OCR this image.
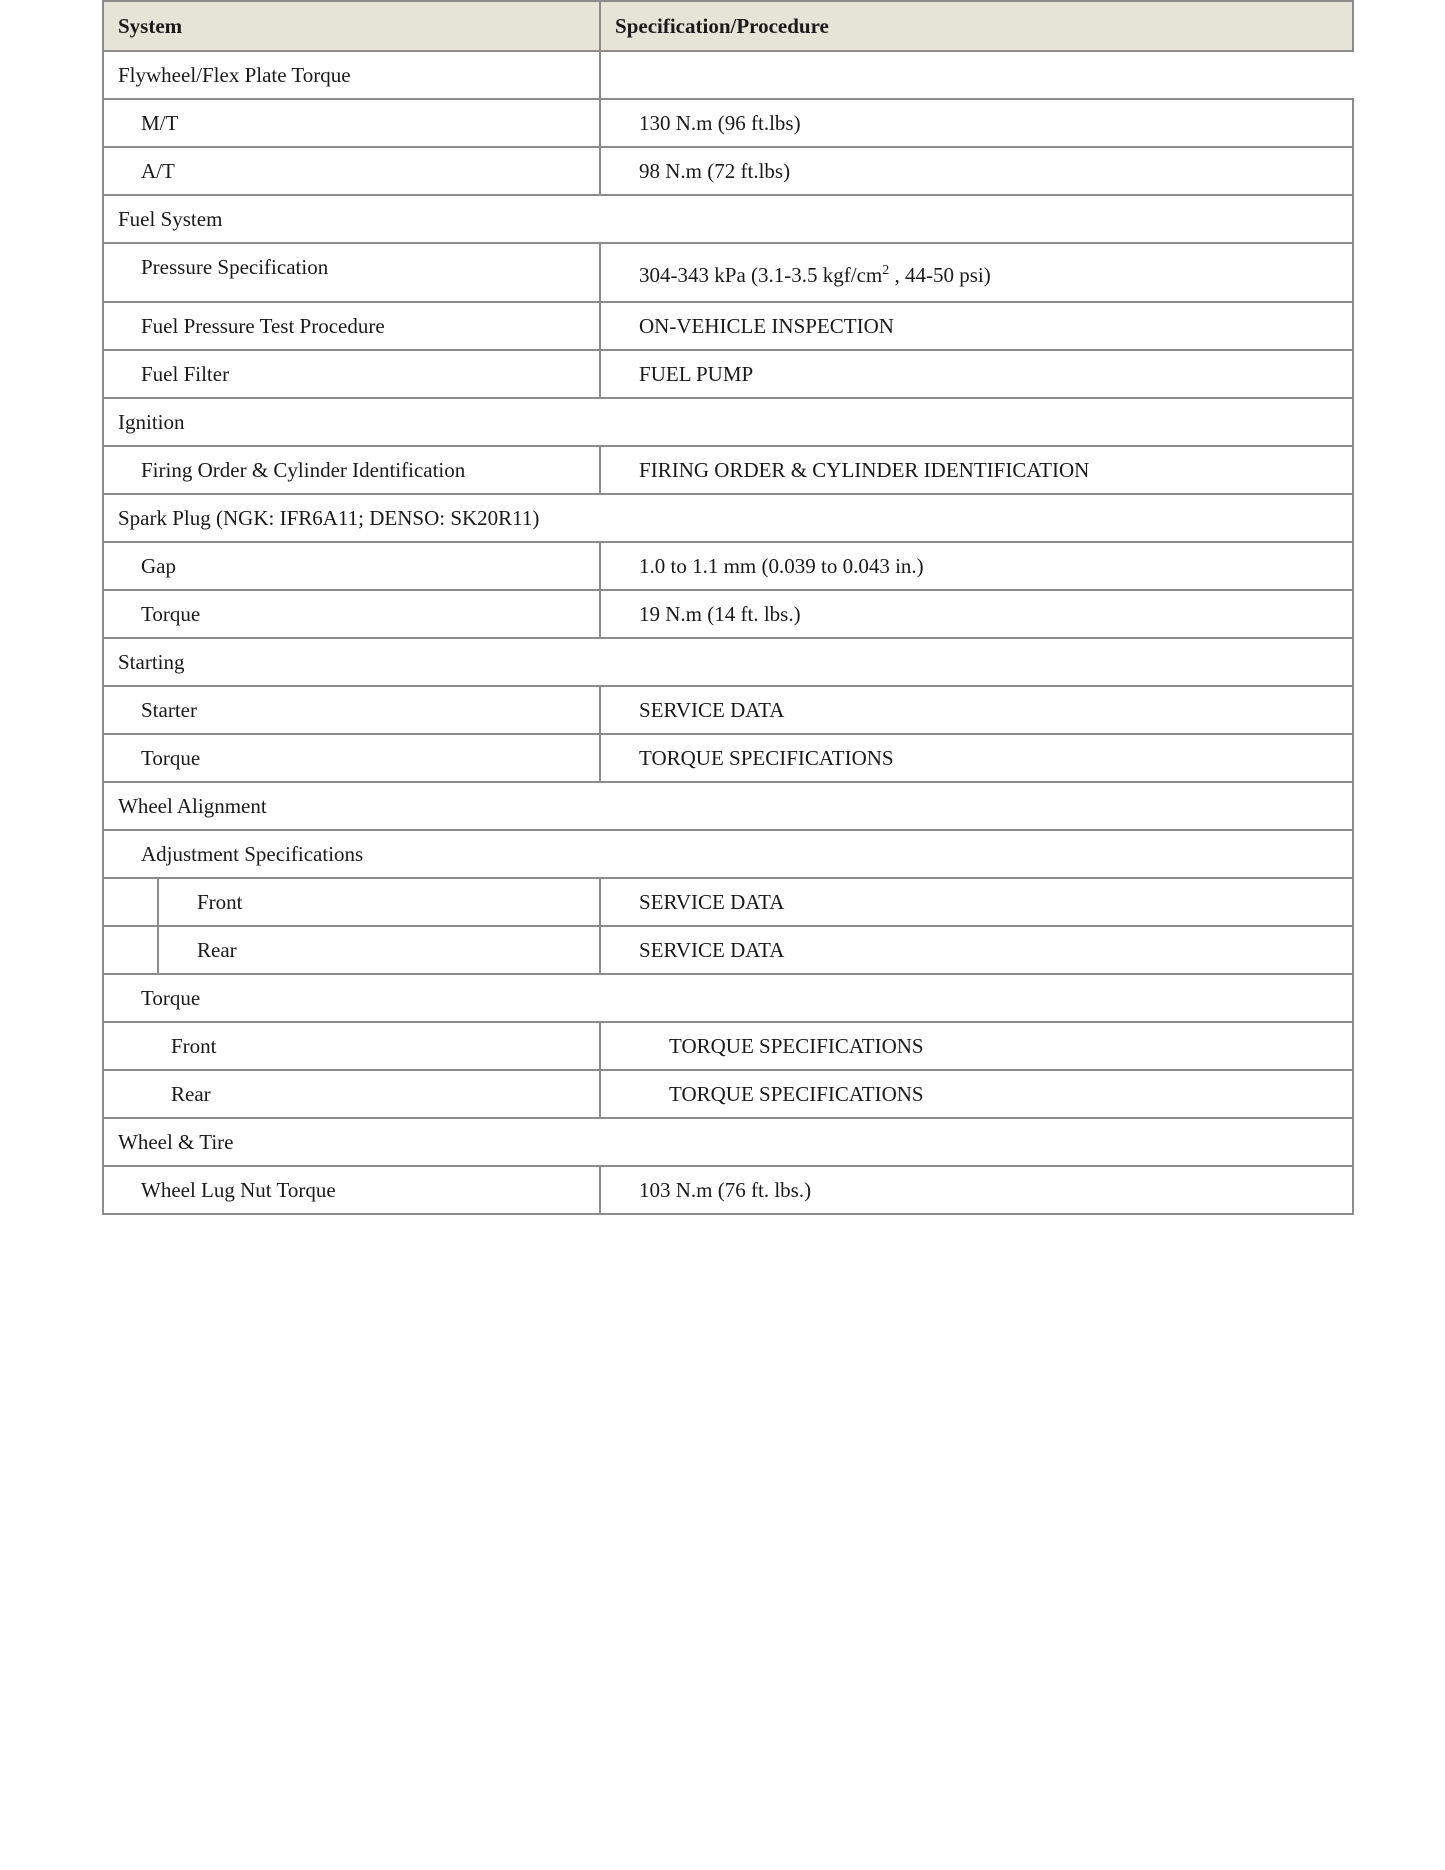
System		Specification/Procedure
Flywheel/Flex Plate Torque		
M/T		130 N.m (96 ft.lbs)
A/T		98 N.m (72 ft.lbs)
Fuel System		
Pressure Specification		304-343 kPa (3.1-3.5 kgf/$cm^2$ , 44-50 psi)
Fuel Pressure Test Procedure		ON-VEHICLE INSPECTION
Fuel Filter		FUEL PUMP
Ignition		
Firing Order & Cylinder Identification		FIRING ORDER & CYLINDER IDENTIFICATION
Spark Plug (NGK: IFR6A11; DENSO: SK20R11)		
Gap		1.0 to 1.1 mm (0.039 to 0.043 in.)
Torque		19 N.m (14 ft. lbs.)
Starting		
Starter		SERVICE DATA
Torque		TORQUE SPECIFICATIONS
Wheel Alignment		
Adjustment Specifications		
	Front	SERVICE DATA
	Rear	SERVICE DATA
Torque		
Front		TORQUE SPECIFICATIONS
Rear		TORQUE SPECIFICATIONS
Wheel & Tire		
Wheel Lug Nut Torque		103 N.m (76 ft. lbs.)
